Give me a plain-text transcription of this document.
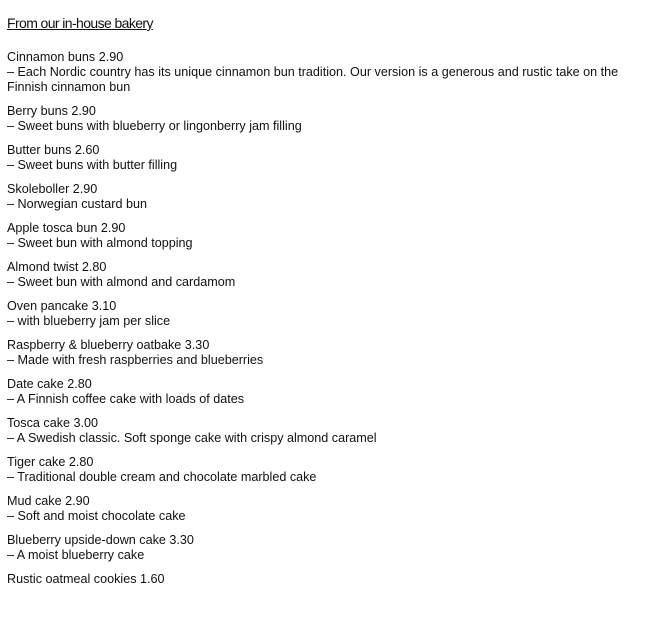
From our in-house bakery
Cinnamon buns 2.90
– Each Nordic country has its unique cinnamon bun tradition. Our version is a generous and rustic take on the Finnish cinnamon bun
Berry buns 2.90
– Sweet buns with blueberry or lingonberry jam filling
Butter buns 2.60
– Sweet buns with butter filling
Skoleboller 2.90
– Norwegian custard bun
Apple tosca bun 2.90
– Sweet bun with almond topping
Almond twist 2.80
– Sweet bun with almond and cardamom
Oven pancake 3.10
– with blueberry jam per slice
Raspberry & blueberry oatbake 3.30
– Made with fresh raspberries and blueberries
Date cake 2.80
– A Finnish coffee cake with loads of dates
Tosca cake 3.00
– A Swedish classic. Soft sponge cake with crispy almond caramel
Tiger cake 2.80
– Traditional double cream and chocolate marbled cake
Mud cake 2.90
– Soft and moist chocolate cake
Blueberry upside-down cake 3.30
– A moist blueberry cake
Rustic oatmeal cookies 1.60
